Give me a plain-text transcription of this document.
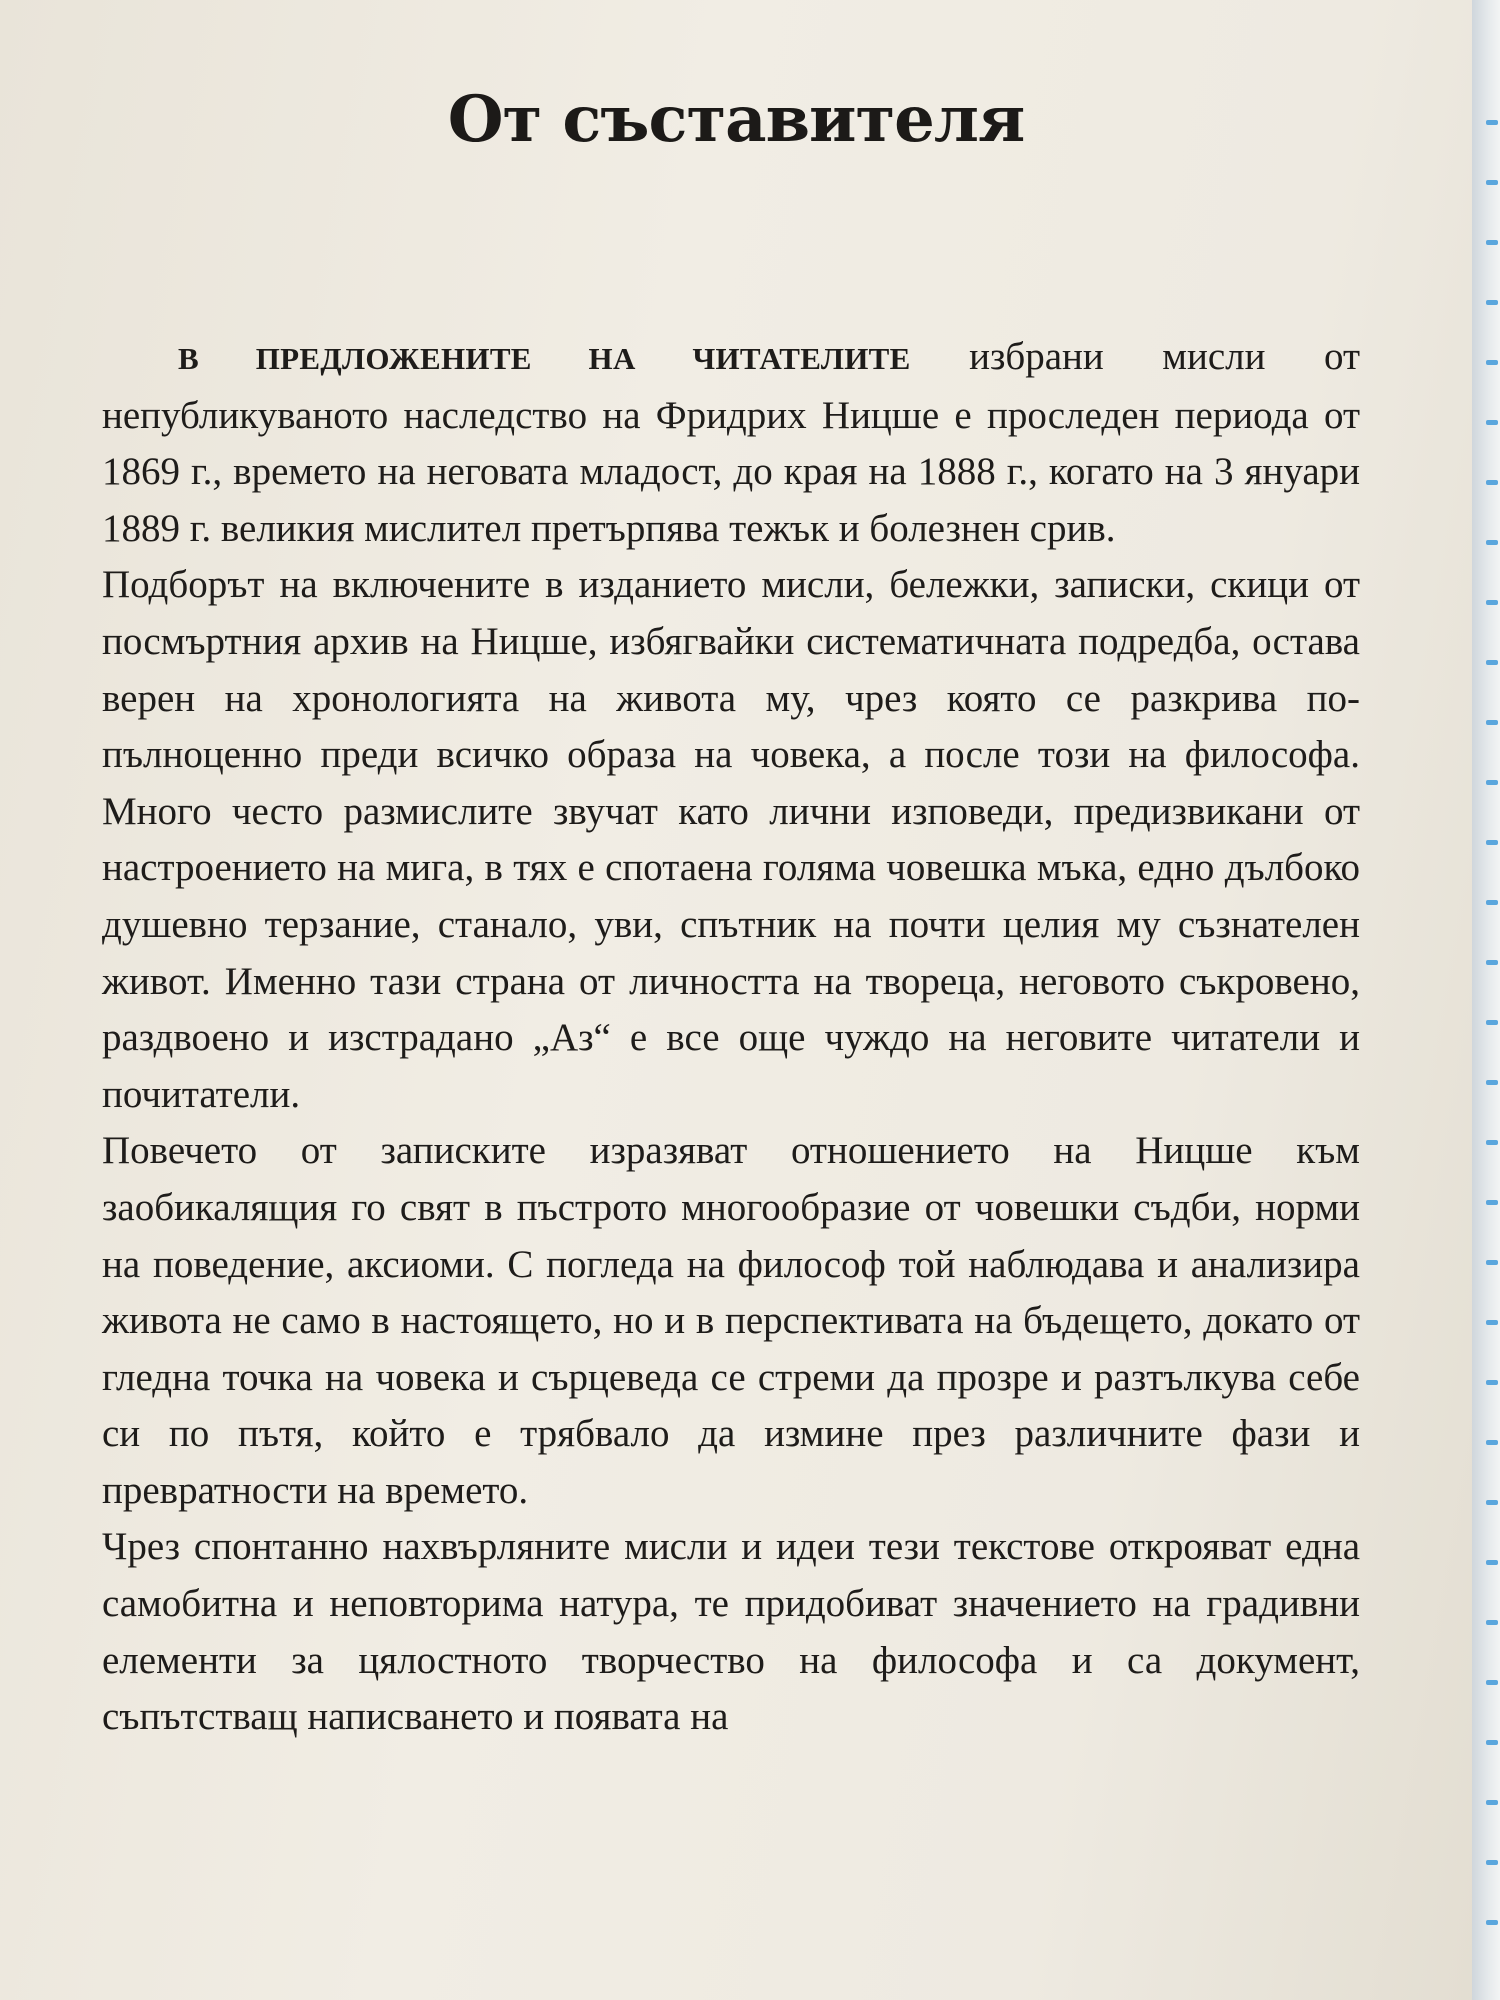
От съставителя

В ПРЕДЛОЖЕНИТЕ НА ЧИТАТЕЛИТЕ избрани мисли от непубликуваното наследство на Фридрих Ницше е проследен периода от 1869 г., времето на неговата младост, до края на 1888 г., когато на 3 януари 1889 г. великия мислител претърпява тежък и болезнен срив.

Подборът на включените в изданието мисли, бележки, записки, скици от посмъртния архив на Ницше, избягвайки систематичната подредба, остава верен на хронологията на живота му, чрез която се разкрива по-пълноценно преди всичко образа на човека, а после този на философа. Много често размислите звучат като лични изповеди, предизвикани от настроението на мига, в тях е спотаена голяма човешка мъка, едно дълбоко душевно терзание, станало, уви, спътник на почти целия му съзнателен живот. Именно тази страна от личността на твореца, неговото съкровено, раздвоено и изстрадано „Аз“ е все още чуждо на неговите читатели и почитатели.

Повечето от записките изразяват отношението на Ницше към заобикалящия го свят в пъстрото многообразие от човешки съдби, норми на поведение, аксиоми. С погледа на философ той наблюдава и анализира живота не само в настоящето, но и в перспективата на бъдещето, докато от гледна точка на човека и сърцеведа се стреми да прозре и разтълкува себе си по пътя, който е трябвало да измине през различните фази и превратности на времето.

Чрез спонтанно нахвърляните мисли и идеи тези текстове открояват една самобитна и неповторима натура, те придобиват значението на градивни елементи за цялостното творчество на философа и са документ, съпътстващ написването и появата на
